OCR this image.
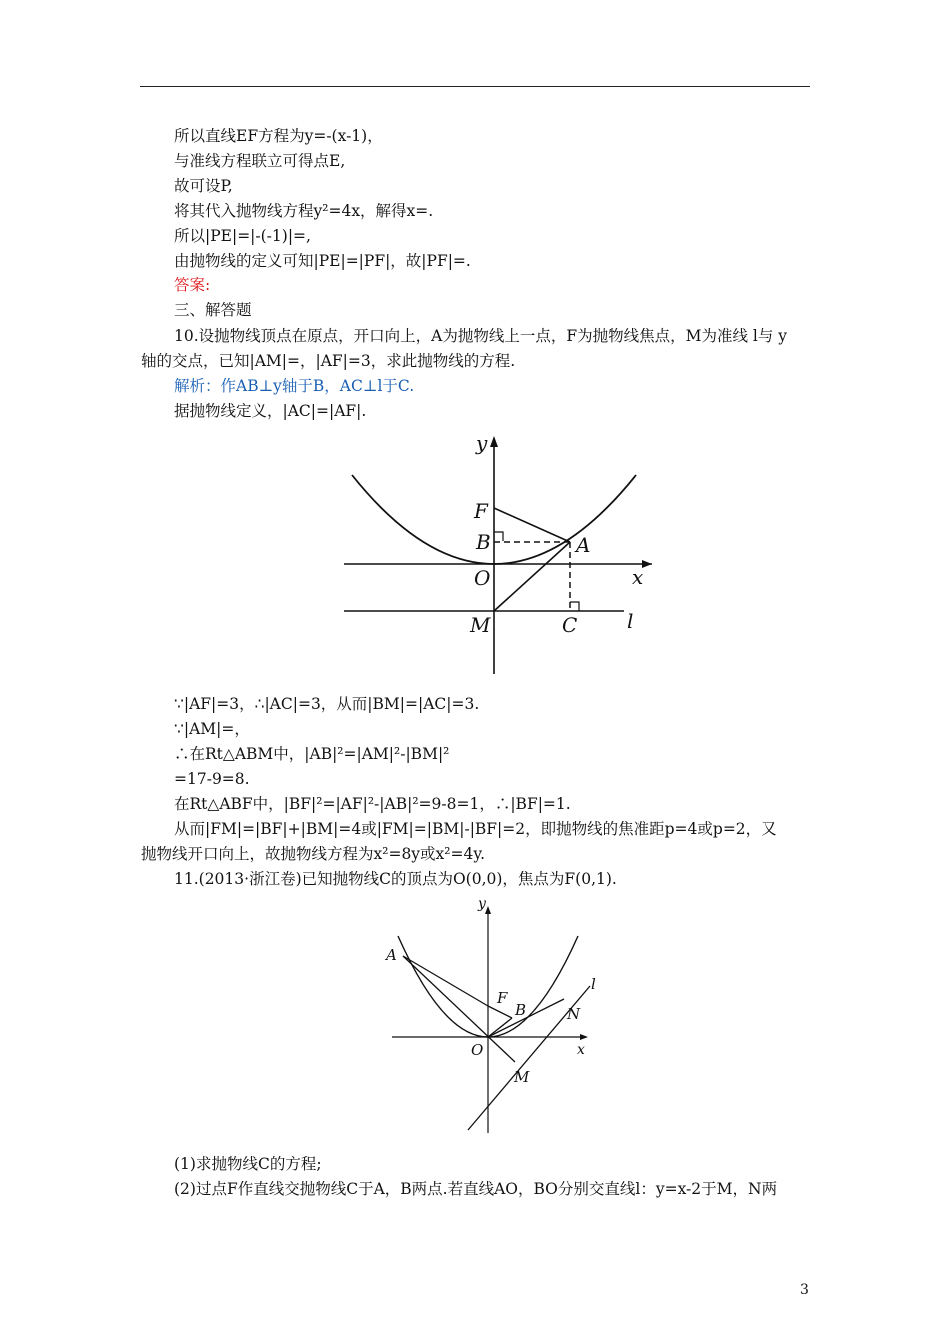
所以直线EF方程为y=-(x-1)，
与准线方程联立可得点E,
故可设P,
将其代入抛物线方程y²=4x，解得x=.
所以|PE|=|-(-1)|=,
由抛物线的定义可知|PE|=|PF|，故|PF|=.
答案:
三、解答题
10.设抛物线顶点在原点，开口向上，A为抛物线上一点，F为抛物线焦点，M为准线 l与 y
轴的交点，已知|AM|=，|AF|=3，求此抛物线的方程.
解析：作AB⊥y轴于B，AC⊥l于C.
据抛物线定义，|AC|=|AF|.
y
x
F
B	A
O
M	C l
∵|AF|=3，∴|AC|=3，从而|BM|=|AC|=3.
∵|AM|=，
∴在Rt△ABM中，|AB|²=|AM|²-|BM|²
=17-9=8.
在Rt△ABF中，|BF|²=|AF|²-|AB|²=9-8=1，∴|BF|=1.
从而|FM|=|BF|+|BM|=4或|FM|=|BM|-|BF|=2，即抛物线的焦准距p=4或p=2，又
抛物线开口向上，故抛物线方程为x²=8y或x²=4y.
11.(2013·浙江卷)已知抛物线C的顶点为O(0,0)，焦点为F(0,1).
y
x
A
F
B	N
O
M
l
(1)求抛物线C的方程;
(2)过点F作直线交抛物线C于A，B两点.若直线AO，BO分别交直线l：y=x-2于M，N两
3
